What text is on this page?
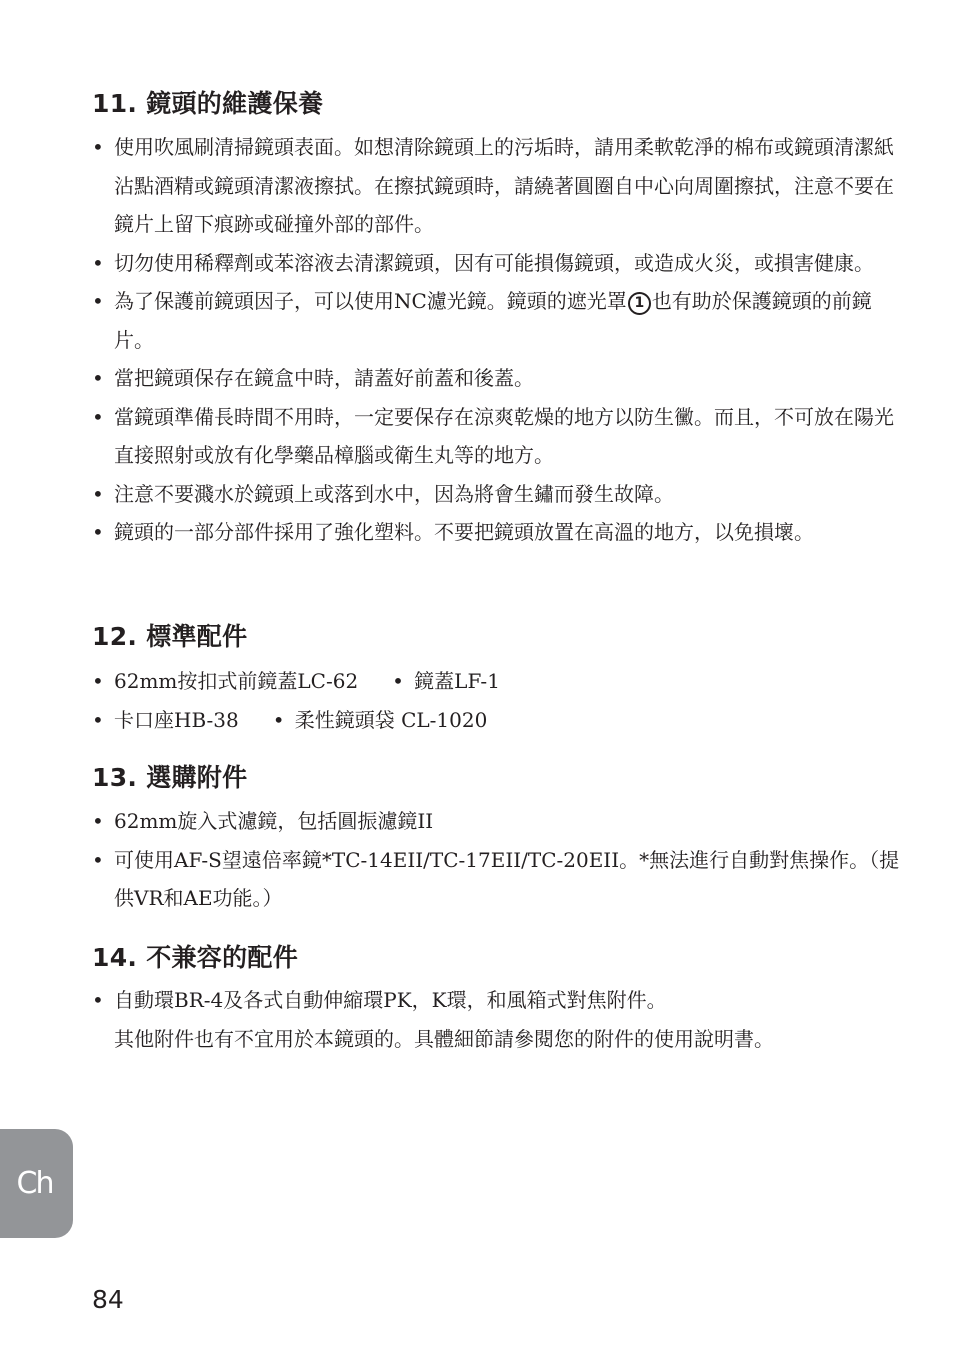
11. 鏡頭的維護保養
• 使用吹風刷清掃鏡頭表面。如想清除鏡頭上的污垢時，請用柔軟乾淨的棉布或鏡頭清潔紙沾點酒精或鏡頭清潔液擦拭。在擦拭鏡頭時，請繞著圓圈自中心向周圍擦拭，注意不要在鏡片上留下痕跡或碰撞外部的部件。
• 切勿使用稀釋劑或苯溶液去清潔鏡頭，因有可能損傷鏡頭，或造成火災，或損害健康。
• 為了保護前鏡頭因子，可以使用NC濾光鏡。鏡頭的遮光罩 1 也有助於保護鏡頭的前鏡片。
• 當把鏡頭保存在鏡盒中時，請蓋好前蓋和後蓋。
• 當鏡頭準備長時間不用時，一定要保存在涼爽乾燥的地方以防生黴。而且，不可放在陽光直接照射或放有化學藥品樟腦或衛生丸等的地方。
• 注意不要濺水於鏡頭上或落到水中，因為將會生鏽而發生故障。
• 鏡頭的一部分部件採用了強化塑料。不要把鏡頭放置在高溫的地方，以免損壞。
12. 標準配件
• 62mm按扣式前鏡蓋LC-62	• 鏡蓋LF-1
• 卡口座HB-38	• 柔性鏡頭袋 CL-1020
13. 選購附件
• 62mm旋入式濾鏡，包括圓振濾鏡II
• 可使用AF-S望遠倍率鏡*TC-14EII/TC-17EII/TC-20EII。*無法進行自動對焦操作。（提供VR和AE功能。）
14. 不兼容的配件
• 自動環BR-4及各式自動伸縮環PK，K環，和風箱式對焦附件。
其他附件也有不宜用於本鏡頭的。具體細節請參閱您的附件的使用說明書。
Ch
84
